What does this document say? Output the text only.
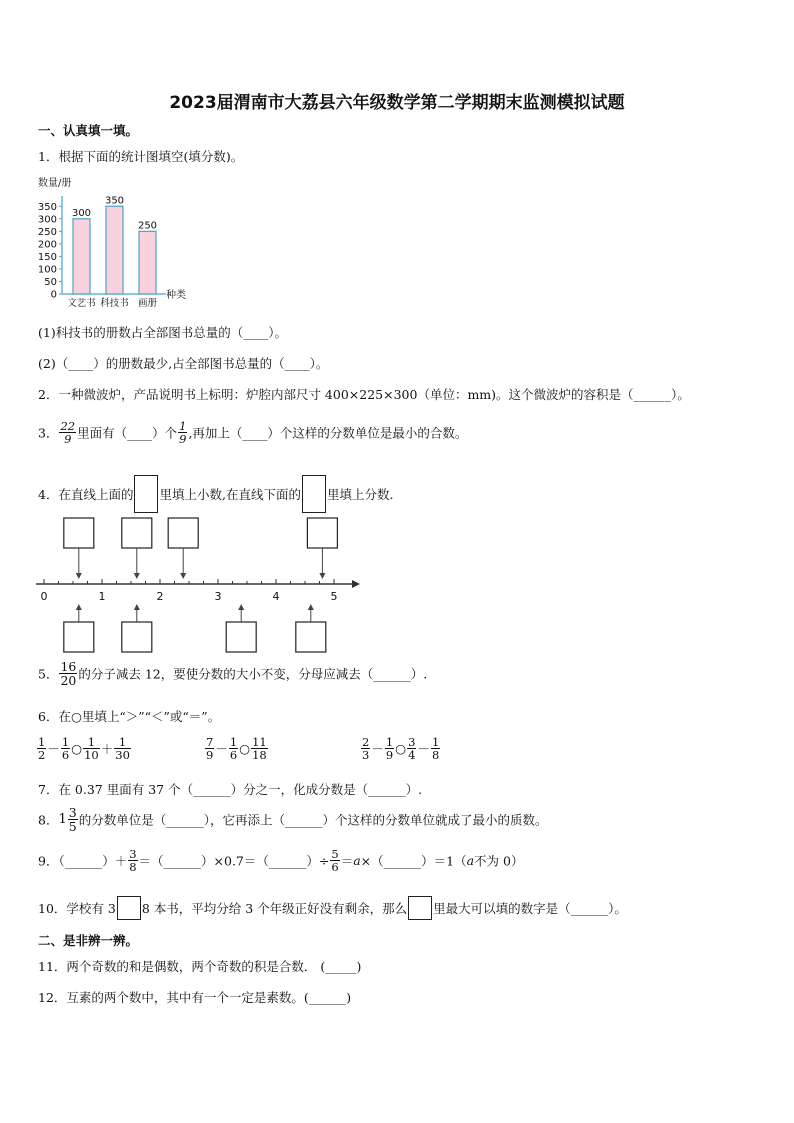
2023届渭南市大荔县六年级数学第二学期期末监测模拟试题
一、认真填一填。
1．根据下面的统计图填空(填分数)。
数量/册
0
50
100
150
200
250
300
350
300
文艺书
350
科技书
250
画册
种类
(1)科技书的册数占全部图书总量的（____）。
(2)（____）的册数最少,占全部图书总量的（____）。
2．一种微波炉，产品说明书上标明：炉腔内部尺寸 400×225×300（单位：mm)。这个微波炉的容积是（______）。
3． $\frac{22}{9}$ 里面有（____）个 $\frac{1}{9}$ ,再加上（____）个这样的分数单位是最小的合数。
4．在直线上面的 里填上小数,在直线下面的 里填上分数.
0	1	2	3	4	5
5． $\frac{16}{20}$ 的分子减去 12，要使分数的大小不变，分母应减去（______）.
6．在○里填上“＞”“＜”或“＝”。
$\frac{1}{2} - \frac{1}{6}$ ○ $\frac{1}{10} + \frac{1}{30}$	$\frac{7}{9} - \frac{1}{6}$ ○ $\frac{11}{18}$	$\frac{2}{3} - \frac{1}{9}$ ○ $\frac{3}{4} - \frac{1}{8}$
7．在 0.37 里面有 37 个（______）分之一，化成分数是（______）.
8．$1 \frac{3}{5}$ 的分数单位是（______），它再添上（______）个这样的分数单位就成了最小的质数。
9．（______）＋ $\frac{3}{8}$ ＝（______）×0.7＝（______）÷ $\frac{5}{6}$ ＝a×（______）＝1（a不为 0）
10．学校有 3 8 本书，平均分给 3 个年级正好没有剩余，那么 里最大可以填的数字是（______）。
二、是非辨一辨。
11．两个奇数的和是偶数，两个奇数的积是合数． (_____)
12．互素的两个数中，其中有一个一定是素数。(______)
